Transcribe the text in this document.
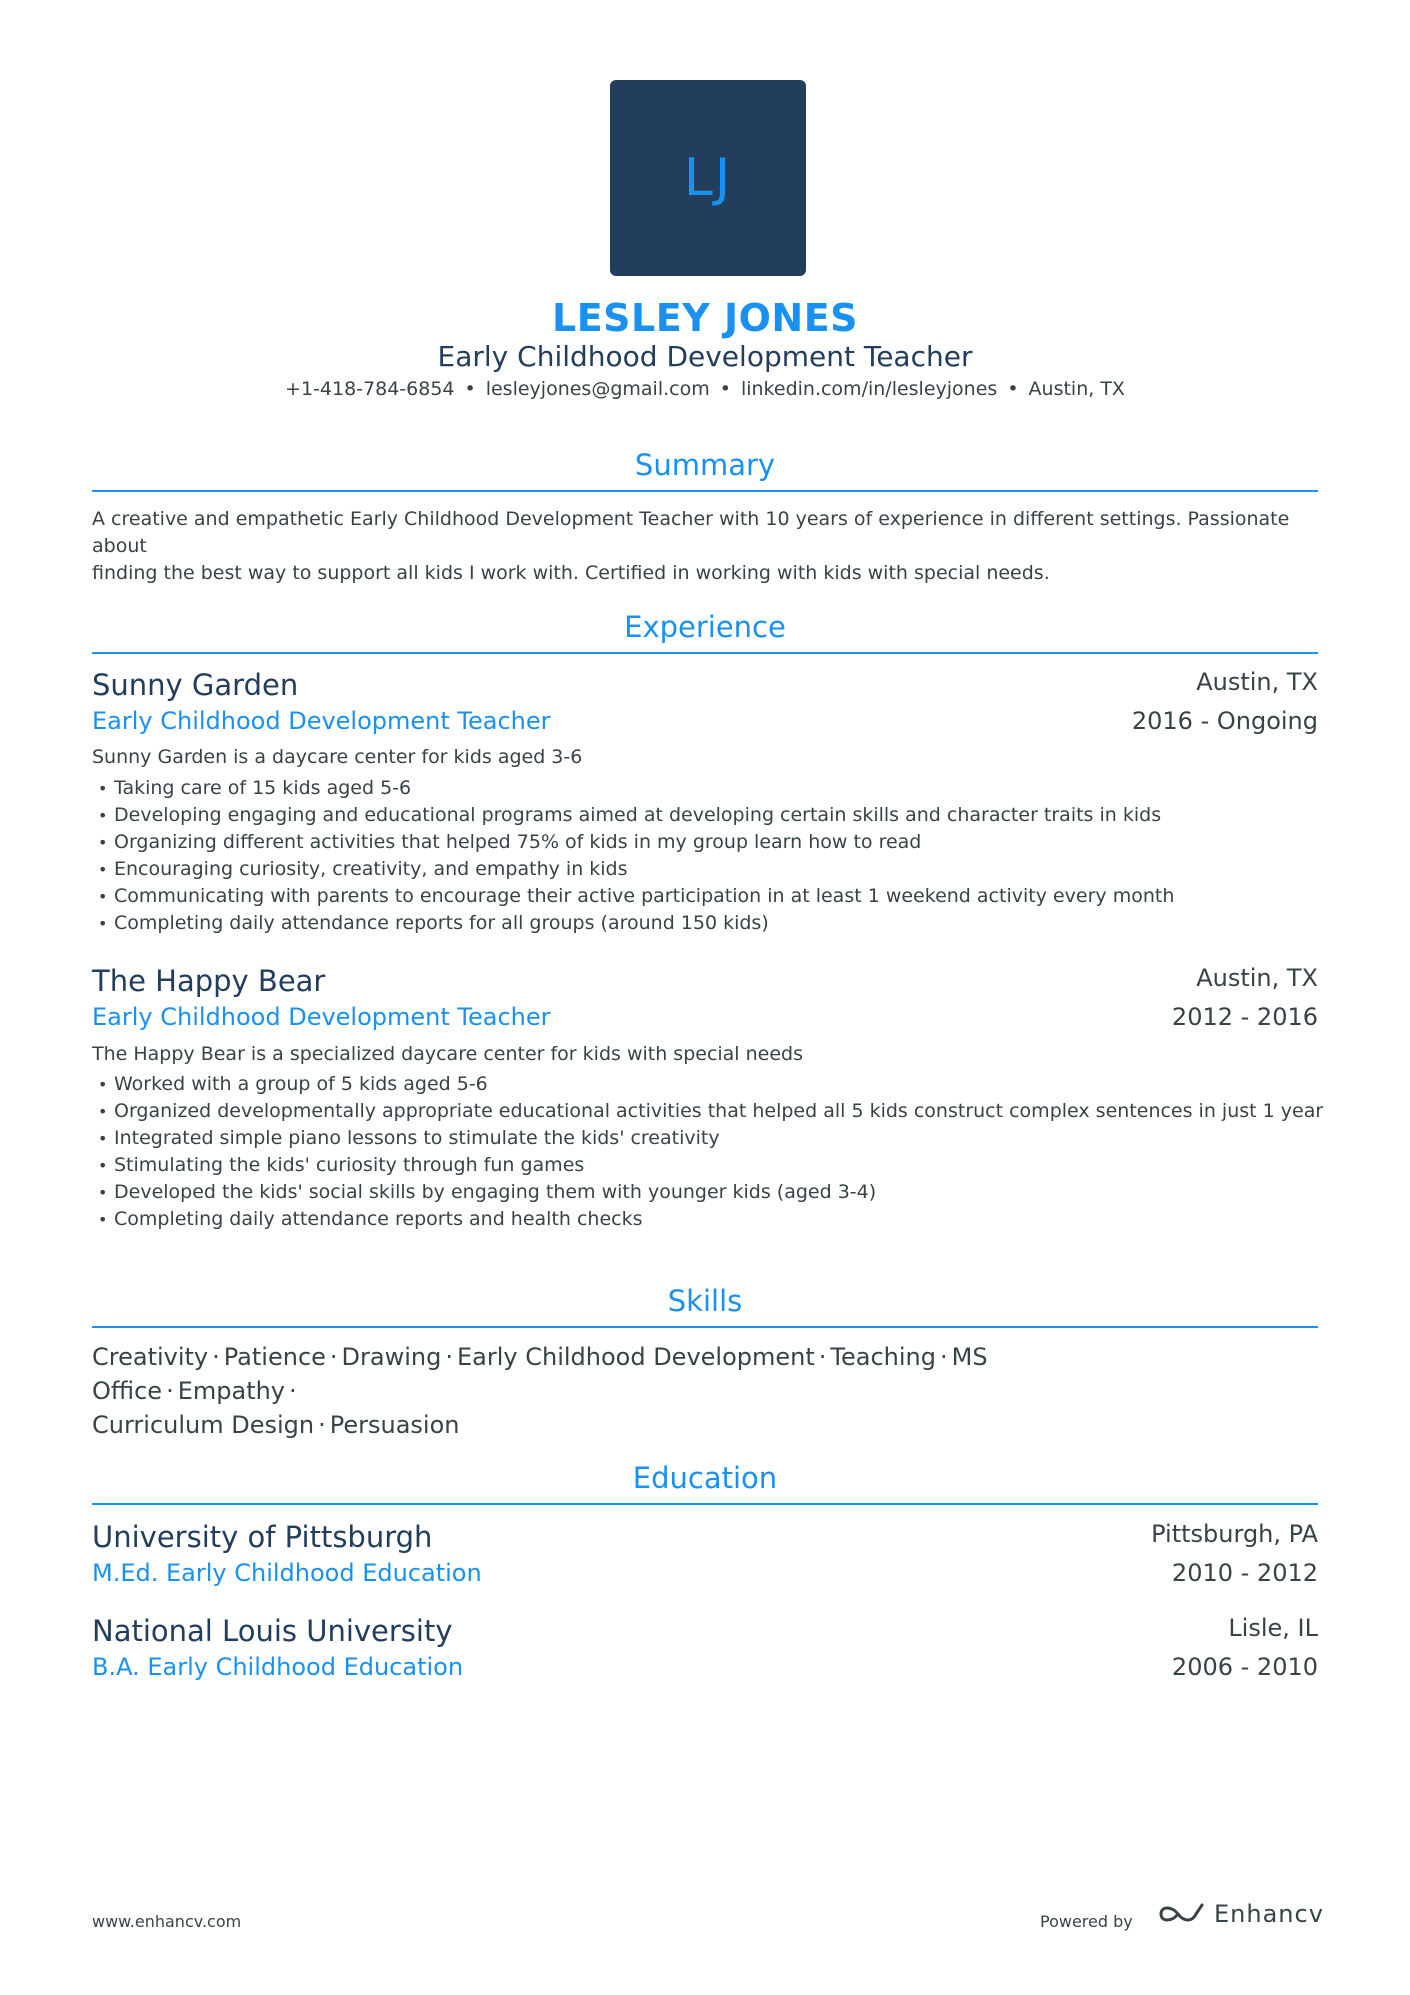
LJ
LESLEY JONES
Early Childhood Development Teacher
+1-418-784-6854 • lesleyjones@gmail.com • linkedin.com/in/lesleyjones • Austin, TX
Summary
A creative and empathetic Early Childhood Development Teacher with 10 years of experience in different settings. Passionate about
finding the best way to support all kids I work with. Certified in working with kids with special needs.
Experience
Sunny Garden	Austin, TX
Early Childhood Development Teacher	2016 - Ongoing
Sunny Garden is a daycare center for kids aged 3-6
• Taking care of 15 kids aged 5-6
• Developing engaging and educational programs aimed at developing certain skills and character traits in kids
• Organizing different activities that helped 75% of kids in my group learn how to read
• Encouraging curiosity, creativity, and empathy in kids
• Communicating with parents to encourage their active participation in at least 1 weekend activity every month
• Completing daily attendance reports for all groups (around 150 kids)
The Happy Bear	Austin, TX
Early Childhood Development Teacher	2012 - 2016
The Happy Bear is a specialized daycare center for kids with special needs
• Worked with a group of 5 kids aged 5-6
• Organized developmentally appropriate educational activities that helped all 5 kids construct complex sentences in just 1 year
• Integrated simple piano lessons to stimulate the kids' creativity
• Stimulating the kids' curiosity through fun games
• Developed the kids' social skills by engaging them with younger kids (aged 3-4)
• Completing daily attendance reports and health checks
Skills
Creativity · Patience · Drawing · Early Childhood Development · Teaching · MS Office · Empathy ·
Curriculum Design · Persuasion
Education
University of Pittsburgh	Pittsburgh, PA
M.Ed. Early Childhood Education	2010 - 2012
National Louis University	Lisle, IL
B.A. Early Childhood Education	2006 - 2010
www.enhancv.com	Powered by	Enhancv
